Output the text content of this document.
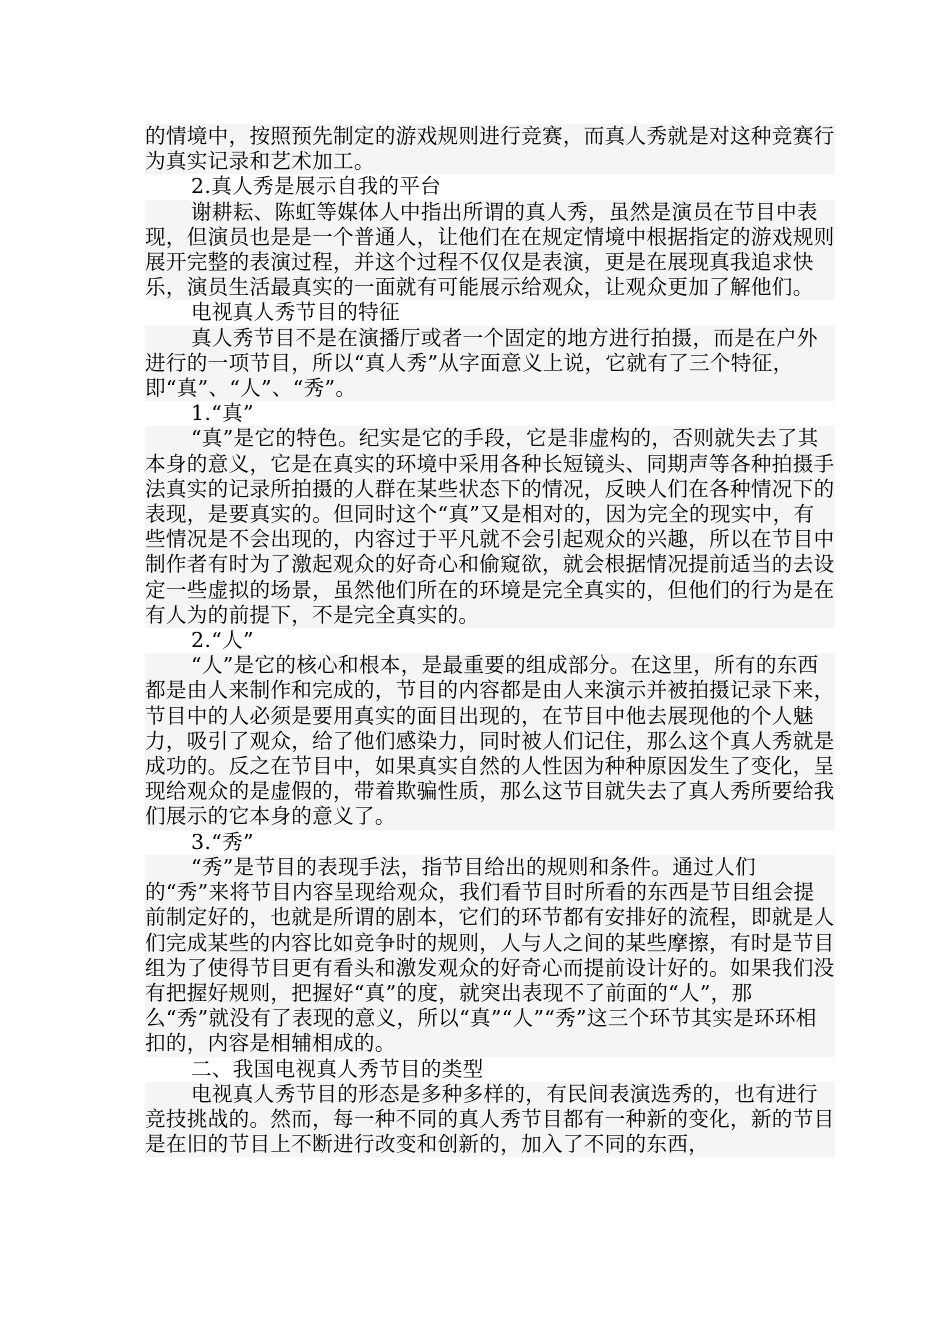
的情境中，按照预先制定的游戏规则进行竞赛，而真人秀就是对这种竞赛行为真实记录和艺术加工。

2.真人秀是展示自我的平台

谢耕耘、陈虹等媒体人中指出所谓的真人秀，虽然是演员在节目中表现，但演员也是是一个普通人，让他们在在规定情境中根据指定的游戏规则展开完整的表演过程，并这个过程不仅仅是表演，更是在展现真我追求快乐，演员生活最真实的一面就有可能展示给观众，让观众更加了解他们。

电视真人秀节目的特征

真人秀节目不是在演播厅或者一个固定的地方进行拍摄，而是在户外进行的一项节目，所以“真人秀”从字面意义上说，它就有了三个特征，即“真”、“人”、“秀”。

1.“真”

“真”是它的特色。纪实是它的手段，它是非虚构的，否则就失去了其本身的意义，它是在真实的环境中采用各种长短镜头、同期声等各种拍摄手法真实的记录所拍摄的人群在某些状态下的情况，反映人们在各种情况下的表现，是要真实的。但同时这个“真”又是相对的，因为完全的现实中，有些情况是不会出现的，内容过于平凡就不会引起观众的兴趣，所以在节目中制作者有时为了激起观众的好奇心和偷窥欲，就会根据情况提前适当的去设定一些虚拟的场景，虽然他们所在的环境是完全真实的，但他们的行为是在有人为的前提下，不是完全真实的。

2.“人”

“人”是它的核心和根本，是最重要的组成部分。在这里，所有的东西都是由人来制作和完成的，节目的内容都是由人来演示并被拍摄记录下来，节目中的人必须是要用真实的面目出现的，在节目中他去展现他的个人魅力，吸引了观众，给了他们感染力，同时被人们记住，那么这个真人秀就是成功的。反之在节目中，如果真实自然的人性因为种种原因发生了变化，呈现给观众的是虚假的，带着欺骗性质，那么这节目就失去了真人秀所要给我们展示的它本身的意义了。

3.“秀”

“秀”是节目的表现手法，指节目给出的规则和条件。通过人们的“秀”来将节目内容呈现给观众，我们看节目时所看的东西是节目组会提前制定好的，也就是所谓的剧本，它们的环节都有安排好的流程，即就是人们完成某些的内容比如竞争时的规则，人与人之间的某些摩擦，有时是节目组为了使得节目更有看头和激发观众的好奇心而提前设计好的。如果我们没有把握好规则，把握好“真”的度，就突出表现不了前面的“人”，那么“秀”就没有了表现的意义，所以“真”“人”“秀”这三个环节其实是环环相扣的，内容是相辅相成的。

二、我国电视真人秀节目的类型

电视真人秀节目的形态是多种多样的，有民间表演选秀的，也有进行竞技挑战的。然而，每一种不同的真人秀节目都有一种新的变化，新的节目是在旧的节目上不断进行改变和创新的，加入了不同的东西，
